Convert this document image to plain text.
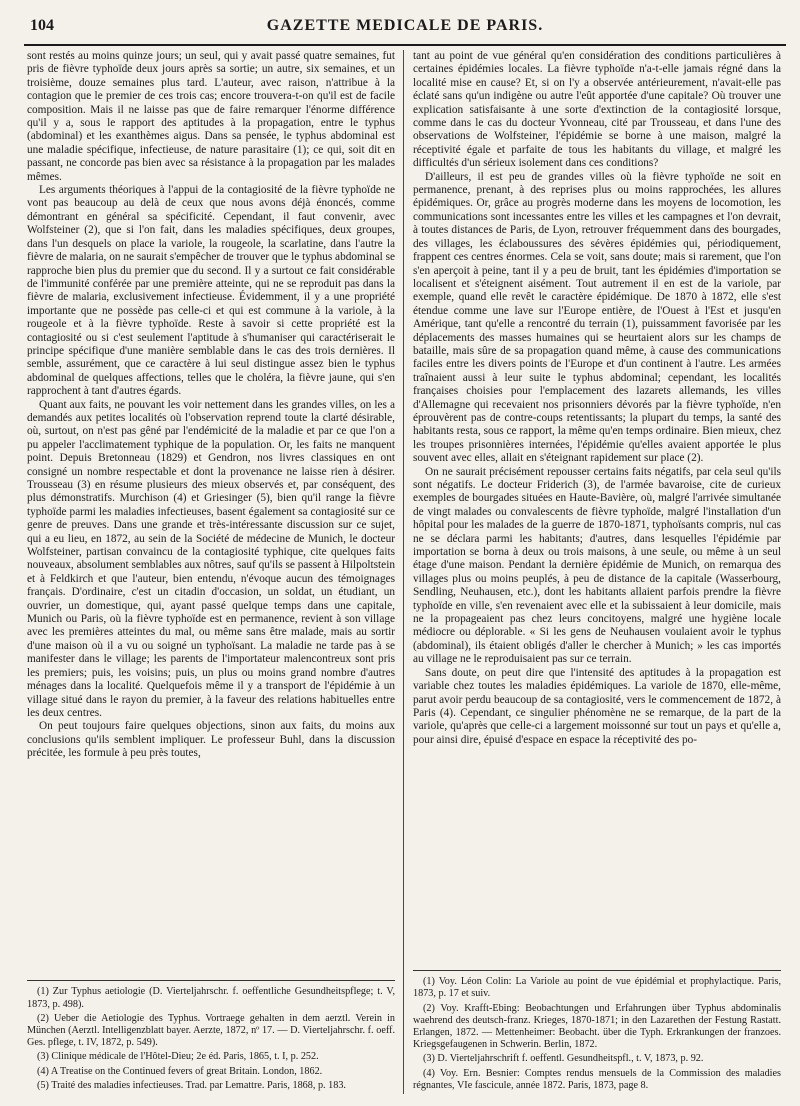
104	GAZETTE MEDICALE DE PARIS.

sont restés au moins quinze jours; un seul, qui y avait passé quatre semaines, fut pris de fièvre typhoïde deux jours après sa sortie; un autre, six semaines, et un troisième, douze semaines plus tard. L'auteur, avec raison, n'attribue à la contagion que le premier de ces trois cas; encore trouvera-t-on qu'il est de facile composition. Mais il ne laisse pas que de faire remarquer l'énorme différence qu'il y a, sous le rapport des aptitudes à la propagation, entre le typhus (abdominal) et les exanthèmes aigus. Dans sa pensée, le typhus abdominal est une maladie spécifique, infectieuse, de nature parasitaire (1); ce qui, soit dit en passant, ne concorde pas bien avec sa résistance à la propagation par les malades mêmes.

Les arguments théoriques à l'appui de la contagiosité de la fièvre typhoïde ne vont pas beaucoup au delà de ceux que nous avons déjà énoncés, comme démontrant en général sa spécificité. Cependant, il faut convenir, avec Wolfsteiner (2), que si l'on fait, dans les maladies spécifiques, deux groupes, dans l'un desquels on place la variole, la rougeole, la scarlatine, dans l'autre la fièvre de malaria, on ne saurait s'empêcher de trouver que le typhus abdominal se rapproche bien plus du premier que du second. Il y a surtout ce fait considérable de l'immunité conférée par une première atteinte, qui ne se reproduit pas dans la fièvre de malaria, exclusivement infectieuse. Évidemment, il y a une propriété importante que ne possède pas celle-ci et qui est commune à la variole, à la rougeole et à la fièvre typhoïde. Reste à savoir si cette propriété est la contagiosité ou si c'est seulement l'aptitude à s'humaniser qui caractériserait le principe spécifique d'une manière semblable dans le cas des trois dernières. Il semble, assurément, que ce caractère à lui seul distingue assez bien le typhus abdominal de quelques affections, telles que le choléra, la fièvre jaune, qui s'en rapprochent à tant d'autres égards.

Quant aux faits, ne pouvant les voir nettement dans les grandes villes, on les a demandés aux petites localités où l'observation reprend toute la clarté désirable, où, surtout, on n'est pas gêné par l'endémicité de la maladie et par ce que l'on a pu appeler l'acclimatement typhique de la population. Or, les faits ne manquent point. Depuis Bretonneau (1829) et Gendron, nos livres classiques en ont consigné un nombre respectable et dont la provenance ne laisse rien à désirer. Trousseau (3) en résume plusieurs des mieux observés et, par conséquent, des plus démonstratifs. Murchison (4) et Griesinger (5), bien qu'il range la fièvre typhoïde parmi les maladies infectieuses, basent également sa contagiosité sur ce genre de preuves. Dans une grande et très-intéressante discussion sur ce sujet, qui a eu lieu, en 1872, au sein de la Société de médecine de Munich, le docteur Wolfsteiner, partisan convaincu de la contagiosité typhique, cite quelques faits nouveaux, absolument semblables aux nôtres, sauf qu'ils se passent à Hilpoltstein et à Feldkirch et que l'auteur, bien entendu, n'évoque aucun des témoignages français. D'ordinaire, c'est un citadin d'occasion, un soldat, un étudiant, un ouvrier, un domestique, qui, ayant passé quelque temps dans une capitale, Munich ou Paris, où la fièvre typhoïde est en permanence, revient à son village avec les premières atteintes du mal, ou même sans être malade, mais au sortir d'une maison où il a vu ou soigné un typhoïsant. La maladie ne tarde pas à se manifester dans le village; les parents de l'importateur malencontreux sont pris les premiers; puis, les voisins; puis, un plus ou moins grand nombre d'autres ménages dans la localité. Quelquefois même il y a transport de l'épidémie à un village situé dans le rayon du premier, à la faveur des relations habituelles entre les deux centres.

On peut toujours faire quelques objections, sinon aux faits, du moins aux conclusions qu'ils semblent impliquer. Le professeur Buhl, dans la discussion précitée, les formule à peu près toutes,

(1) Zur Typhus aetiologie (D. Vierteljahrschr. f. oeffentliche Gesundheitspflege; t. V, 1873, p. 498).

(2) Ueber die Aetiologie des Typhus. Vortraege gehalten in dem aerztl. Verein in München (Aerztl. Intelligenzblatt bayer. Aerzte, 1872, nº 17. — D. Vierteljahrschr. f. oeff. Ges. pflege, t. IV, 1872, p. 549).

(3) Clinique médicale de l'Hôtel-Dieu; 2e éd. Paris, 1865, t. I, p. 252.

(4) A Treatise on the Continued fevers of great Britain. London, 1862.

(5) Traité des maladies infectieuses. Trad. par Lemattre. Paris, 1868, p. 183.

tant au point de vue général qu'en considération des conditions particulières à certaines épidémies locales. La fièvre typhoïde n'a-t-elle jamais régné dans la localité mise en cause? Et, si on l'y a observée antérieurement, n'avait-elle pas éclaté sans qu'un indigène ou autre l'eût apportée d'une capitale? Où trouver une explication satisfaisante à une sorte d'extinction de la contagiosité lorsque, comme dans le cas du docteur Yvonneau, cité par Trousseau, et dans l'une des observations de Wolfsteiner, l'épidémie se borne à une maison, malgré la réceptivité égale et parfaite de tous les habitants du village, et malgré les difficultés d'un sérieux isolement dans ces conditions?

D'ailleurs, il est peu de grandes villes où la fièvre typhoïde ne soit en permanence, prenant, à des reprises plus ou moins rapprochées, les allures épidémiques. Or, grâce au progrès moderne dans les moyens de locomotion, les communications sont incessantes entre les villes et les campagnes et l'on devrait, à toutes distances de Paris, de Lyon, retrouver fréquemment dans des bourgades, des villages, les éclaboussures des sévères épidémies qui, périodiquement, frappent ces centres énormes. Cela se voit, sans doute; mais si rarement, que l'on s'en aperçoit à peine, tant il y a peu de bruit, tant les épidémies d'importation se localisent et s'éteignent aisément. Tout autrement il en est de la variole, par exemple, quand elle revêt le caractère épidémique. De 1870 à 1872, elle s'est étendue comme une lave sur l'Europe entière, de l'Ouest à l'Est et jusqu'en Amérique, tant qu'elle a rencontré du terrain (1), puissamment favorisée par les déplacements des masses humaines qui se heurtaient alors sur les champs de bataille, mais sûre de sa propagation quand même, à cause des communications faciles entre les divers points de l'Europe et d'un continent à l'autre. Les armées traînaient aussi à leur suite le typhus abdominal; cependant, les localités françaises choisies pour l'emplacement des lazarets allemands, les villes d'Allemagne qui recevaient nos prisonniers dévorés par la fièvre typhoïde, n'en éprouvèrent pas de contre-coups retentissants; la plupart du temps, la santé des habitants resta, sous ce rapport, la même qu'en temps ordinaire. Bien mieux, chez les troupes prisonnières internées, l'épidémie qu'elles avaient apportée le plus souvent avec elles, allait en s'éteignant rapidement sur place (2).

On ne saurait précisément repousser certains faits négatifs, par cela seul qu'ils sont négatifs. Le docteur Friderich (3), de l'armée bavaroise, cite de curieux exemples de bourgades situées en Haute-Bavière, où, malgré l'arrivée simultanée de vingt malades ou convalescents de fièvre typhoïde, malgré l'installation d'un hôpital pour les malades de la guerre de 1870-1871, typhoïsants compris, nul cas ne se déclara parmi les habitants; d'autres, dans lesquelles l'épidémie par importation se borna à deux ou trois maisons, à une seule, ou même à un seul étage d'une maison. Pendant la dernière épidémie de Munich, on remarqua des villages plus ou moins peuplés, à peu de distance de la capitale (Wasserbourg, Sendling, Neuhausen, etc.), dont les habitants allaient parfois prendre la fièvre typhoïde en ville, s'en revenaient avec elle et la subissaient à leur domicile, mais ne la propageaient pas chez leurs concitoyens, malgré une hygiène locale médiocre ou déplorable. « Si les gens de Neuhausen voulaient avoir le typhus (abdominal), ils étaient obligés d'aller le chercher à Munich; » les cas importés au village ne le reproduisaient pas sur ce terrain.

Sans doute, on peut dire que l'intensité des aptitudes à la propagation est variable chez toutes les maladies épidémiques. La variole de 1870, elle-même, parut avoir perdu beaucoup de sa contagiosité, vers le commencement de 1872, à Paris (4). Cependant, ce singulier phénomène ne se remarque, de la part de la variole, qu'après que celle-ci a largement moissonné sur tout un pays et qu'elle a, pour ainsi dire, épuisé d'espace en espace la réceptivité des po-

(1) Voy. Léon Colin: La Variole au point de vue épidémial et prophylactique. Paris, 1873, p. 17 et suiv.

(2) Voy. Krafft-Ebing: Beobachtungen und Erfahrungen über Typhus abdominalis waehrend des deutsch-franz. Krieges, 1870-1871; in den Lazarethen der Festung Rastatt. Erlangen, 1872. — Mettenheimer: Beobacht. über die Typh. Erkrankungen der franzoes. Kriegsgefaugenen in Schwerin. Berlin, 1872.

(3) D. Vierteljahrschrift f. oeffentl. Gesundheitspfl., t. V, 1873, p. 92.

(4) Voy. Ern. Besnier: Comptes rendus mensuels de la Commission des maladies régnantes, VIe fascicule, année 1872. Paris, 1873, page 8.
